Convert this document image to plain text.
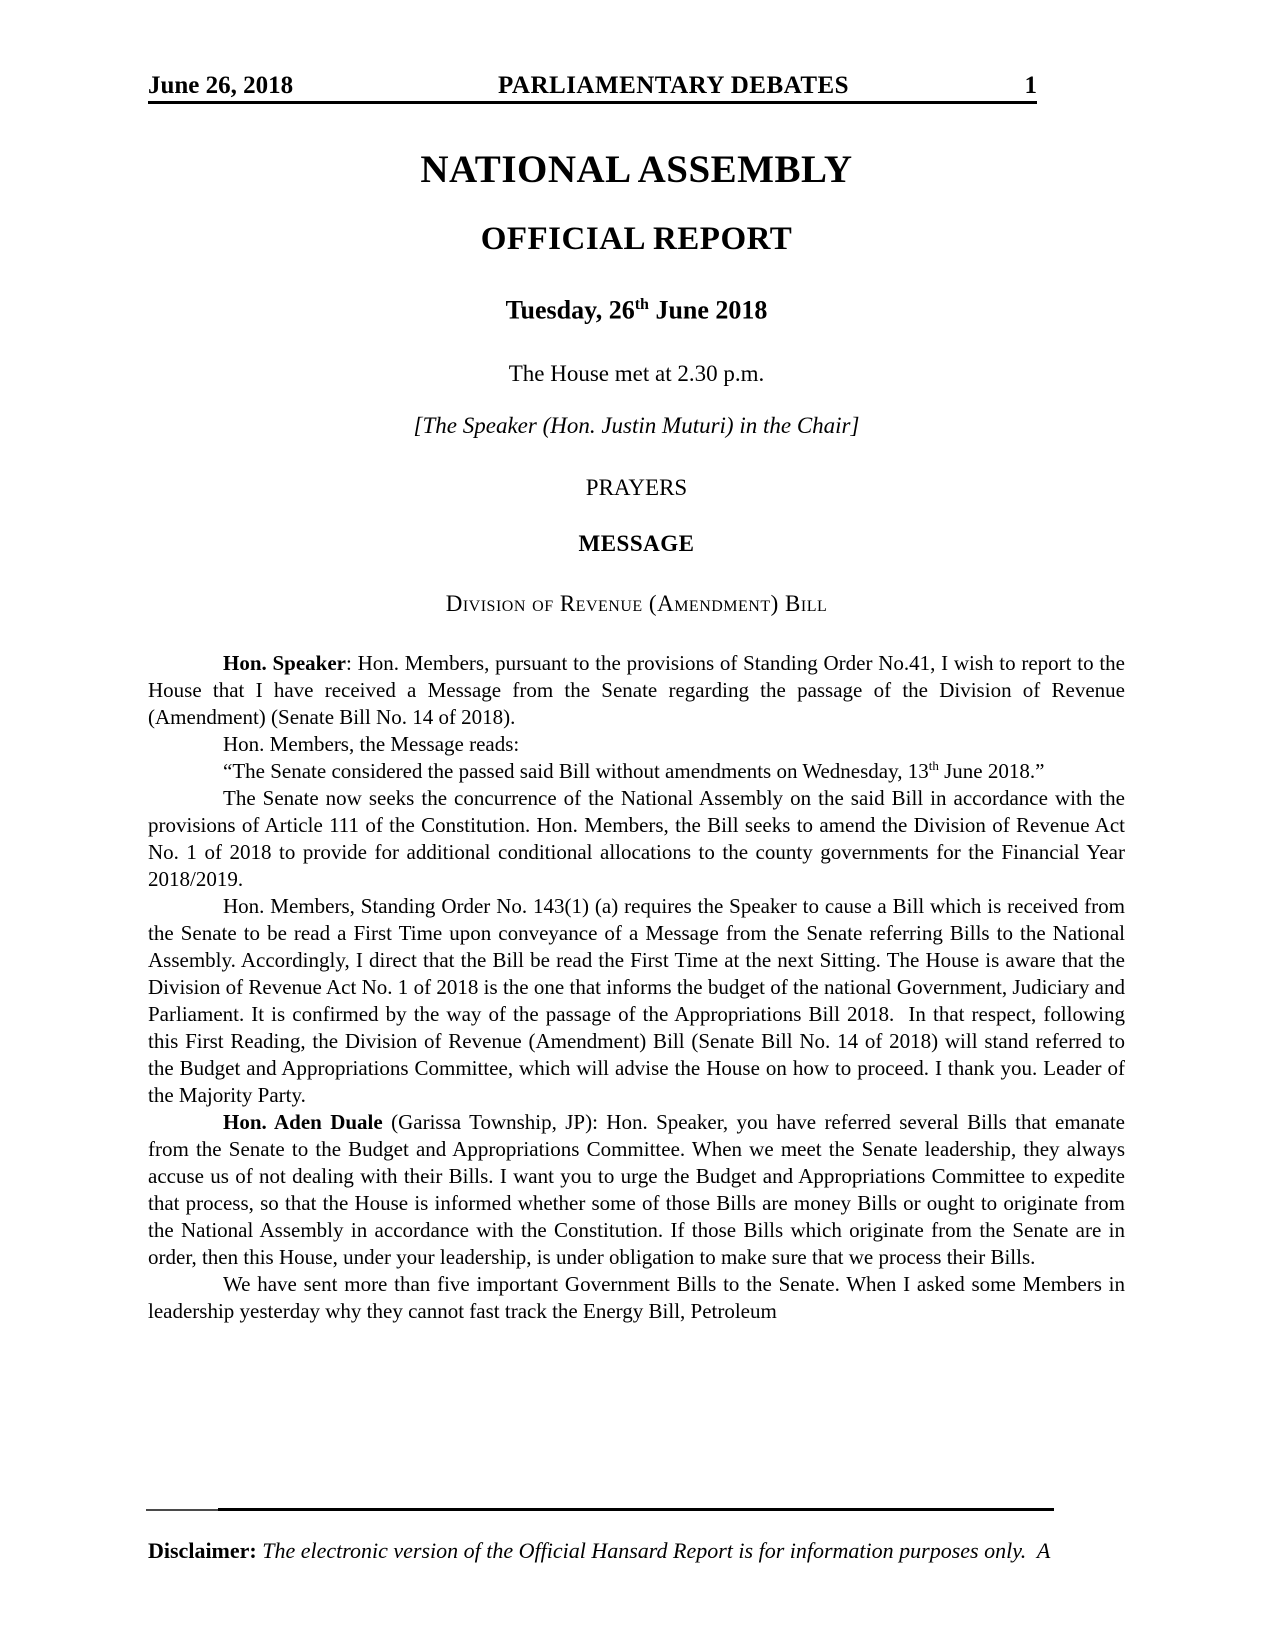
June 26, 2018	PARLIAMENTARY DEBATES	1
NATIONAL ASSEMBLY
OFFICIAL REPORT
Tuesday, 26th June 2018
The House met at 2.30 p.m.
[The Speaker (Hon. Justin Muturi) in the Chair]
PRAYERS
MESSAGE
Division of Revenue (Amendment) Bill

Hon. Speaker: Hon. Members, pursuant to the provisions of Standing Order No.41, I wish to report to the House that I have received a Message from the Senate regarding the passage of the Division of Revenue (Amendment) (Senate Bill No. 14 of 2018).

Hon. Members, the Message reads:

“The Senate considered the passed said Bill without amendments on Wednesday, 13th June 2018.”

The Senate now seeks the concurrence of the National Assembly on the said Bill in accordance with the provisions of Article 111 of the Constitution. Hon. Members, the Bill seeks to amend the Division of Revenue Act No. 1 of 2018 to provide for additional conditional allocations to the county governments for the Financial Year 2018/2019.

Hon. Members, Standing Order No. 143(1) (a) requires the Speaker to cause a Bill which is received from the Senate to be read a First Time upon conveyance of a Message from the Senate referring Bills to the National Assembly. Accordingly, I direct that the Bill be read the First Time at the next Sitting. The House is aware that the Division of Revenue Act No. 1 of 2018 is the one that informs the budget of the national Government, Judiciary and Parliament. It is confirmed by the way of the passage of the Appropriations Bill 2018.  In that respect, following this First Reading, the Division of Revenue (Amendment) Bill (Senate Bill No. 14 of 2018) will stand referred to the Budget and Appropriations Committee, which will advise the House on how to proceed. I thank you. Leader of the Majority Party.

Hon. Aden Duale (Garissa Township, JP): Hon. Speaker, you have referred several Bills that emanate from the Senate to the Budget and Appropriations Committee. When we meet the Senate leadership, they always accuse us of not dealing with their Bills. I want you to urge the Budget and Appropriations Committee to expedite that process, so that the House is informed whether some of those Bills are money Bills or ought to originate from the National Assembly in accordance with the Constitution. If those Bills which originate from the Senate are in order, then this House, under your leadership, is under obligation to make sure that we process their Bills.

We have sent more than five important Government Bills to the Senate. When I asked some Members in leadership yesterday why they cannot fast track the Energy Bill, Petroleum

Disclaimer: The electronic version of the Official Hansard Report is for information purposes only.  A
